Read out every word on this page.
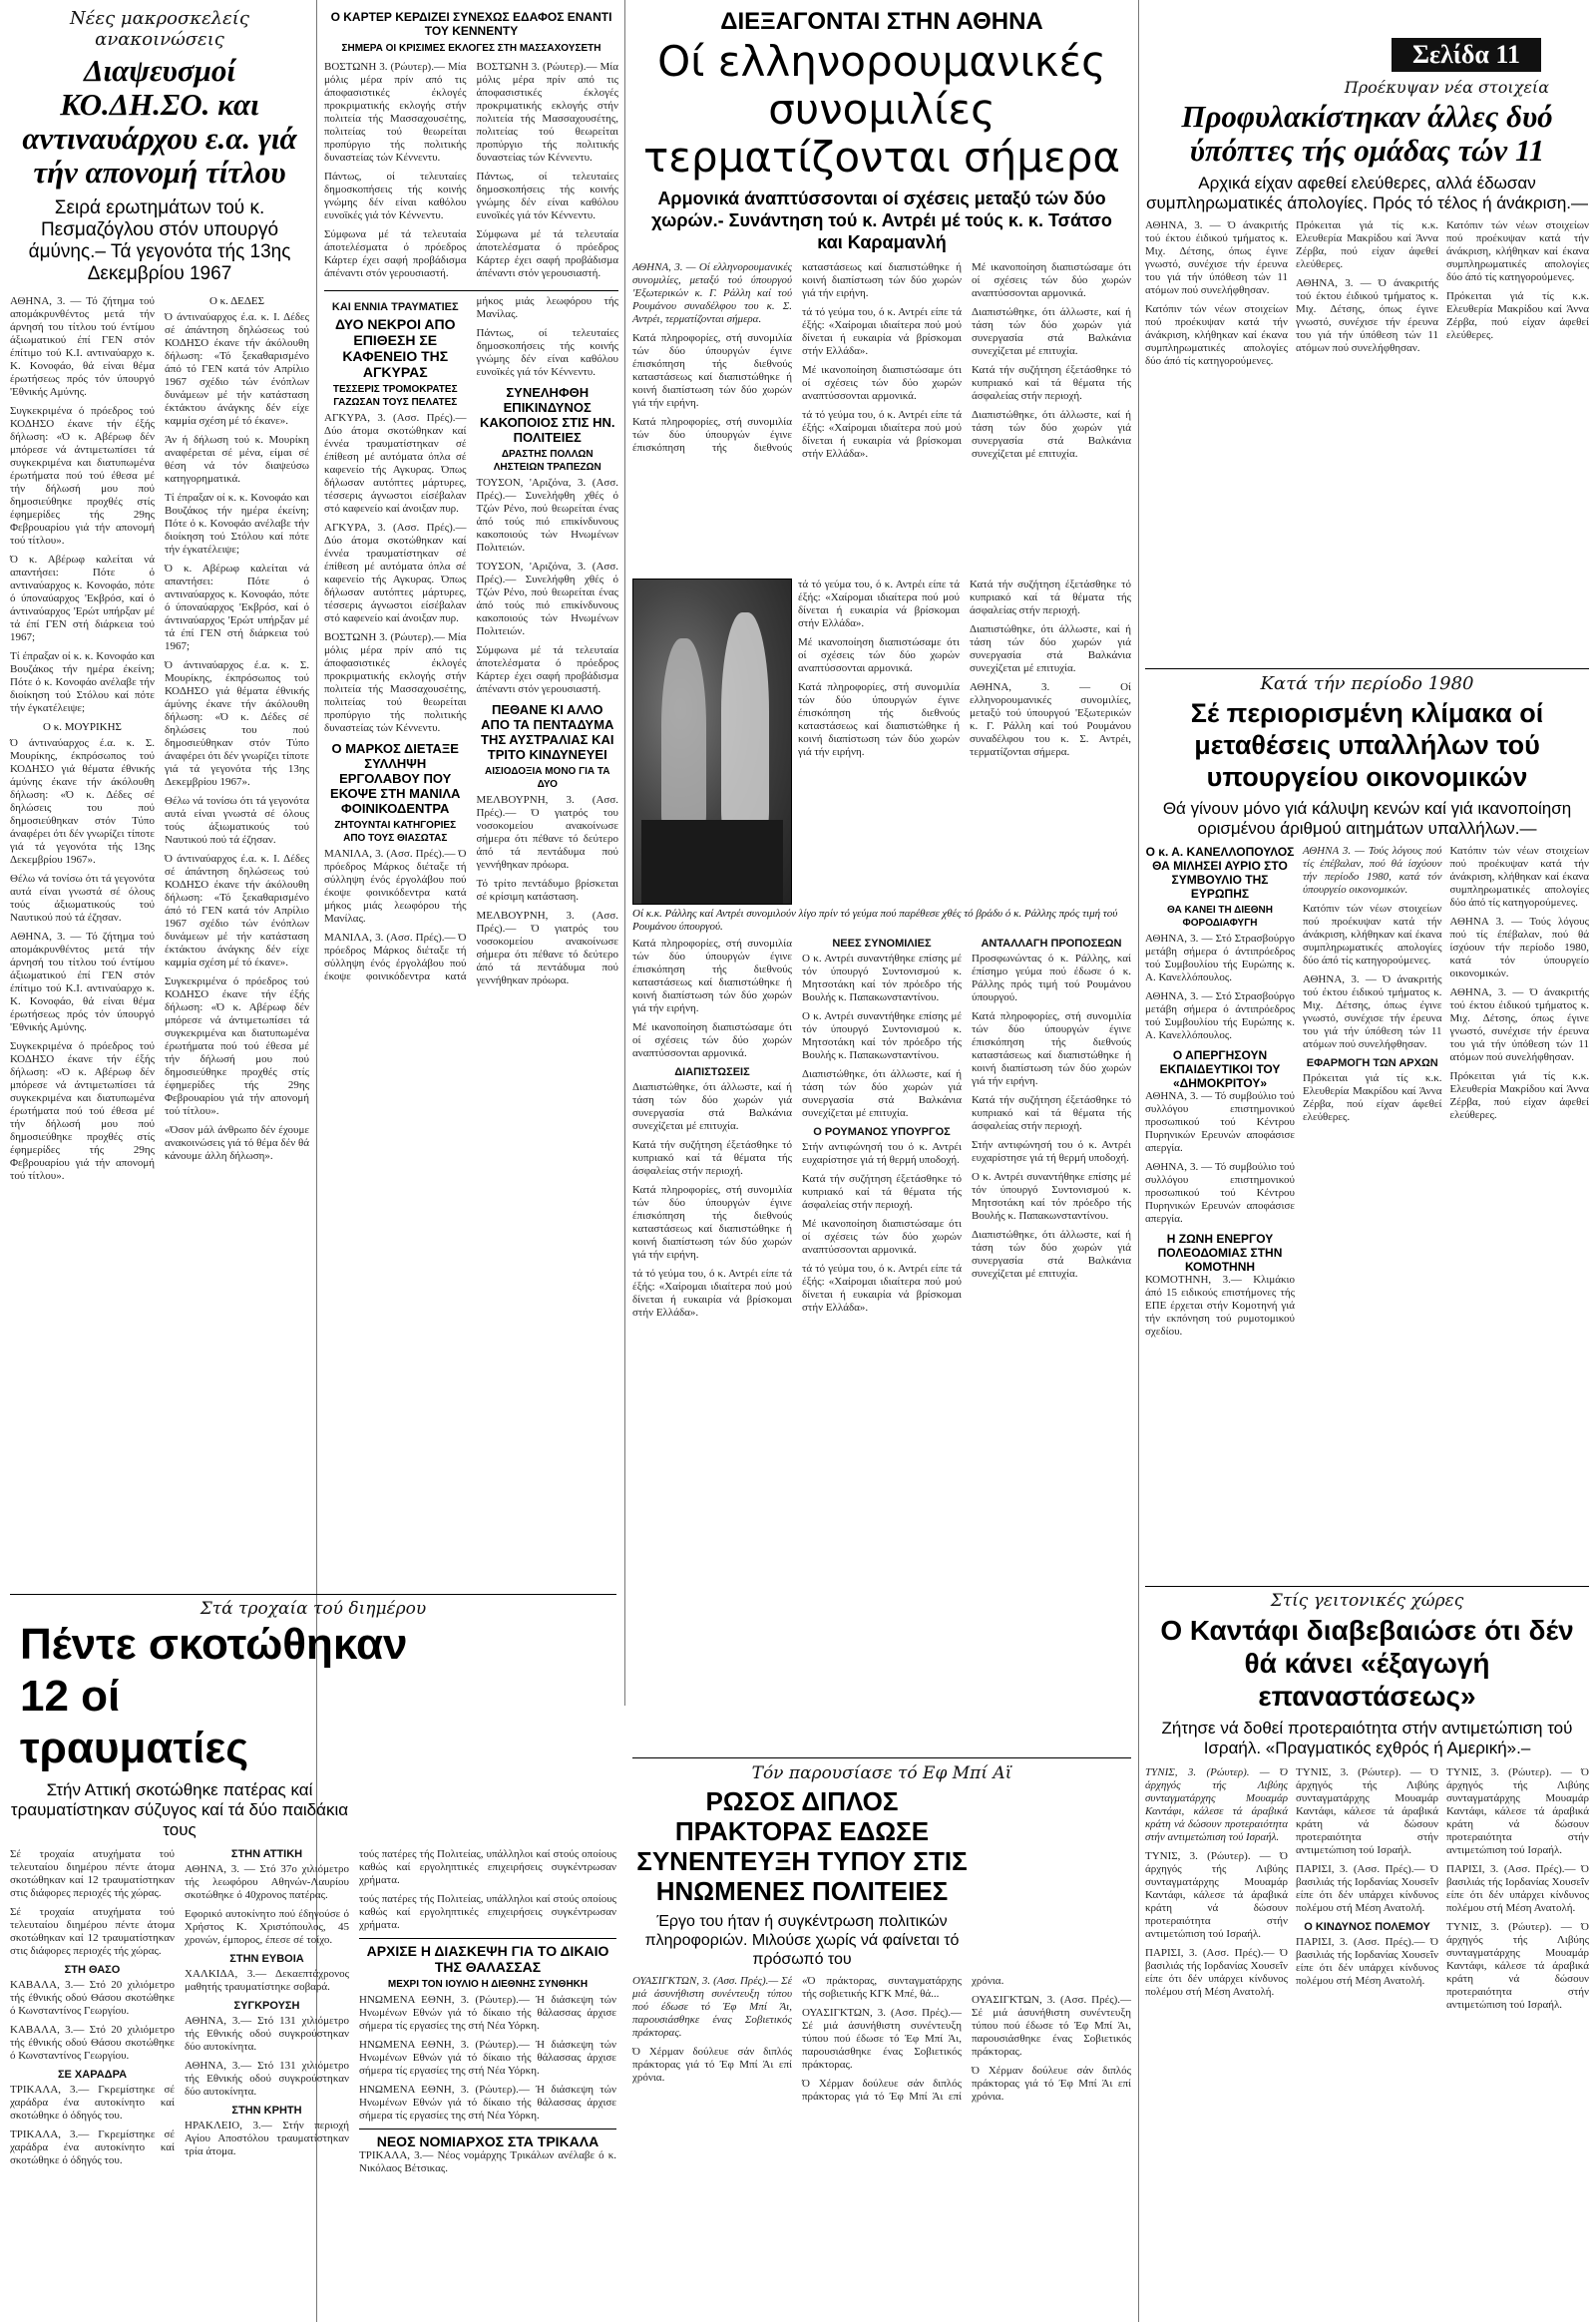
Νέες μακροσκελείς ανακοινώσεις
Διαψευσμοί ΚΟ.ΔΗ.ΣΟ. και αντιναυάρχου ε.α. γιά τήν απονομή τίτλου
Σειρά ερωτημάτων τού κ. Πεσμαζόγλου στόν υπουργό άμύνης.– Τά γεγονότα τής 13ης Δεκεμβρίου 1967

ΑΘΗΝΑ, 3. — Τό ζήτημα τού απομάκρυνθέντος μετά τήν άρνησή του τίτλου τού έντίμου άξιωματικού έπί ΓΕΝ στόν έπίτιμο τού Κ.Ι. αντιναύαρχο κ. Κ. Κονοφάο, θά είναι θέμα έρωτήσεως πρός τόν ύπουργό 'Εθνικής Αμύνης.

Συγκεκριμένα ό πρόεδρος τού ΚΟΔΗΣΟ έκανε τήν έξής δήλωση: «Ό κ. Αβέρωφ δέν μπόρεσε νά άντιμετωπίσει τά συγκεκριμένα και διατυπωμένα έρωτήματα πού τού έθεσα μέ τήν δήλωσή μου πού δημοσιεύθηκε προχθές στίς έφημερίδες τής 29ης Φεβρουαρίου γιά τήν απονομή τού τίτλου».

Ό κ. Αβέρωφ καλείται νά απαντήσει: Πότε ό αντιναύαρχος κ. Κονοφάο, πότε ό ύποναύαρχος 'Εκβρόσ, καί ό άντιναύαρχος 'Ερώτ υπήρξαν μέ τά έπί ΓΕΝ στή διάρκεια τού 1967;

Τί έπραξαν οί κ. κ. Κονοφάο και Βουζάκος τήν ημέρα έκείνη; Πότε ό κ. Κονοφάο ανέλαβε τήν διοίκηση τού Στόλου καί πότε τήν έγκατέλειψε;

Ο κ. ΜΟΥΡΙΚΗΣ

Ό άντιναύαρχος έ.α. κ. Σ. Μουρίκης, έκπρόσωπος τού ΚΟΔΗΣΟ γιά θέματα έθνικής άμύνης έκανε τήν άκόλουθη δήλωση: «Ό κ. Δέδες σέ δηλώσεις του πού δημοσιεύθηκαν στόν Τύπο άναφέρει ότι δέν γνωρίζει τίποτε γιά τά γεγονότα τής 13ης Δεκεμβρίου 1967».

Θέλω νά τονίσω ότι τά γεγονότα αυτά είναι γνωστά σέ όλους τούς άξιωματικούς τού Ναυτικού πού τά έζησαν.

ΑΘΗΝΑ, 3. — Τό ζήτημα τού απομάκρυνθέντος μετά τήν άρνησή του τίτλου τού έντίμου άξιωματικού έπί ΓΕΝ στόν έπίτιμο τού Κ.Ι. αντιναύαρχο κ. Κ. Κονοφάο, θά είναι θέμα έρωτήσεως πρός τόν ύπουργό 'Εθνικής Αμύνης.

Συγκεκριμένα ό πρόεδρος τού ΚΟΔΗΣΟ έκανε τήν έξής δήλωση: «Ό κ. Αβέρωφ δέν μπόρεσε νά άντιμετωπίσει τά συγκεκριμένα και διατυπωμένα έρωτήματα πού τού έθεσα μέ τήν δήλωσή μου πού δημοσιεύθηκε προχθές στίς έφημερίδες τής 29ης Φεβρουαρίου γιά τήν απονομή τού τίτλου».

Ο κ. ΔΕΔΕΣ

Ό άντιναύαρχος έ.α. κ. Ι. Δέδες σέ άπάντηση δηλώσεως τού ΚΟΔΗΣΟ έκανε τήν άκόλουθη δήλωση: «Τό ξεκαθαρισμένο άπό τό ΓΕΝ κατά τόν Απρίλιο 1967 σχέδιο τών ένόπλων δυνάμεων μέ τήν κατάσταση έκτάκτου άνάγκης δέν είχε καμμία σχέση μέ τό έκανε».

Άν ή δήλωση τού κ. Μουρίκη αναφέρεται σέ μένα, είμαι σέ θέση νά τόν διαψεύσω κατηγορηματικά.

Τί έπραξαν οί κ. κ. Κονοφάο και Βουζάκος τήν ημέρα έκείνη; Πότε ό κ. Κονοφάο ανέλαβε τήν διοίκηση τού Στόλου καί πότε τήν έγκατέλειψε;

Ό κ. Αβέρωφ καλείται νά απαντήσει: Πότε ό αντιναύαρχος κ. Κονοφάο, πότε ό ύποναύαρχος 'Εκβρόσ, καί ό άντιναύαρχος 'Ερώτ υπήρξαν μέ τά έπί ΓΕΝ στή διάρκεια τού 1967;

Ό άντιναύαρχος έ.α. κ. Σ. Μουρίκης, έκπρόσωπος τού ΚΟΔΗΣΟ γιά θέματα έθνικής άμύνης έκανε τήν άκόλουθη δήλωση: «Ό κ. Δέδες σέ δηλώσεις του πού δημοσιεύθηκαν στόν Τύπο άναφέρει ότι δέν γνωρίζει τίποτε γιά τά γεγονότα τής 13ης Δεκεμβρίου 1967».

Θέλω νά τονίσω ότι τά γεγονότα αυτά είναι γνωστά σέ όλους τούς άξιωματικούς τού Ναυτικού πού τά έζησαν.

Ό άντιναύαρχος έ.α. κ. Ι. Δέδες σέ άπάντηση δηλώσεως τού ΚΟΔΗΣΟ έκανε τήν άκόλουθη δήλωση: «Τό ξεκαθαρισμένο άπό τό ΓΕΝ κατά τόν Απρίλιο 1967 σχέδιο τών ένόπλων δυνάμεων μέ τήν κατάσταση έκτάκτου άνάγκης δέν είχε καμμία σχέση μέ τό έκανε».

Συγκεκριμένα ό πρόεδρος τού ΚΟΔΗΣΟ έκανε τήν έξής δήλωση: «Ό κ. Αβέρωφ δέν μπόρεσε νά άντιμετωπίσει τά συγκεκριμένα και διατυπωμένα έρωτήματα πού τού έθεσα μέ τήν δήλωσή μου πού δημοσιεύθηκε προχθές στίς έφημερίδες τής 29ης Φεβρουαρίου γιά τήν απονομή τού τίτλου».

«Όσον μάλ άνθρωπο δέν έχουμε ανακοινώσεις γιά τό θέμα δέν θά κάνουμε άλλη δήλωση».

Ο ΚΑΡΤΕΡ ΚΕΡΔΙΖΕΙ ΣΥΝΕΧΩΣ ΕΔΑΦΟΣ ΕΝΑΝΤΙ ΤΟΥ ΚΕΝΝΕΝΤΥ
ΣΗΜΕΡΑ ΟΙ ΚΡΙΣΙΜΕΣ ΕΚΛΟΓΕΣ ΣΤΗ ΜΑΣΣΑΧΟΥΣΕΤΗ

ΒΟΣΤΩΝΗ 3. (Ρώυτερ).— Μία μόλις μέρα πρίν από τις άποφασιστικές έκλογές προκριματικής εκλογής στήν πολιτεία τής Μασσαχουσέτης, πολιτείας τού θεωρείται προπύργιο τής πολιτικής δυναστείας τών Κέννεντυ.

Πάντως, οί τελευταίες δημοσκοπήσεις τής κοινής γνώμης δέν είναι καθόλου ευνοϊκές γιά τόν Κέννεντυ.

Σύμφωνα μέ τά τελευταία άποτελέσματα ό πρόεδρος Κάρτερ έχει σαφή προβάδισμα άπέναντι στόν γερουσιαστή.

ΒΟΣΤΩΝΗ 3. (Ρώυτερ).— Μία μόλις μέρα πρίν από τις άποφασιστικές έκλογές προκριματικής εκλογής στήν πολιτεία τής Μασσαχουσέτης, πολιτείας τού θεωρείται προπύργιο τής πολιτικής δυναστείας τών Κέννεντυ.

Πάντως, οί τελευταίες δημοσκοπήσεις τής κοινής γνώμης δέν είναι καθόλου ευνοϊκές γιά τόν Κέννεντυ.

Σύμφωνα μέ τά τελευταία άποτελέσματα ό πρόεδρος Κάρτερ έχει σαφή προβάδισμα άπέναντι στόν γερουσιαστή.

ΚΑΙ ΕΝΝΙΑ ΤΡΑΥΜΑΤΙΕΣ
ΔΥΟ ΝΕΚΡΟΙ ΑΠΟ ΕΠΙΘΕΣΗ ΣΕ ΚΑΦΕΝΕΙΟ ΤΗΣ ΑΓΚΥΡΑΣ
ΤΕΣΣΕΡΙΣ ΤΡΟΜΟΚΡΑΤΕΣ ΓΑΖΩΣΑΝ ΤΟΥΣ ΠΕΛΑΤΕΣ

ΑΓΚΥΡΑ, 3. (Ασσ. Πρές).— Δύο άτομα σκοτώθηκαν καί έννέα τραυματίστηκαν σέ έπίθεση μέ αυτόματα όπλα σέ καφενείο τής Αγκυρας. Όπως δήλωσαν αυτόπτες μάρτυρες, τέσσερις άγνωστοι είσέβαλαν στό καφενείο καί άνοιξαν πυρ.

ΑΓΚΥΡΑ, 3. (Ασσ. Πρές).— Δύο άτομα σκοτώθηκαν καί έννέα τραυματίστηκαν σέ έπίθεση μέ αυτόματα όπλα σέ καφενείο τής Αγκυρας. Όπως δήλωσαν αυτόπτες μάρτυρες, τέσσερις άγνωστοι είσέβαλαν στό καφενείο καί άνοιξαν πυρ.

ΒΟΣΤΩΝΗ 3. (Ρώυτερ).— Μία μόλις μέρα πρίν από τις άποφασιστικές έκλογές προκριματικής εκλογής στήν πολιτεία τής Μασσαχουσέτης, πολιτείας τού θεωρείται προπύργιο τής πολιτικής δυναστείας τών Κέννεντυ.

Ο ΜΑΡΚΟΣ ΔΙΕΤΑΞΕ ΣΥΛΛΗΨΗ ΕΡΓΟΛΑΒΟΥ ΠΟΥ ΕΚΟΨΕ ΣΤΗ ΜΑΝΙΛΑ ΦΟΙΝΙΚΟΔΕΝΤΡΑ
ΖΗΤΟΥΝΤΑΙ ΚΑΤΗΓΟΡΙΕΣ ΑΠΟ ΤΟΥΣ ΘΙΑΣΩΤΑΣ

ΜΑΝΙΛΑ, 3. (Ασσ. Πρές).— Ό πρόεδρος Μάρκος διέταξε τή σύλληψη ένός έργολάβου πού έκοψε φοινικόδεντρα κατά μήκος μιάς λεωφόρου τής Μανίλας.

ΜΑΝΙΛΑ, 3. (Ασσ. Πρές).— Ό πρόεδρος Μάρκος διέταξε τή σύλληψη ένός έργολάβου πού έκοψε φοινικόδεντρα κατά μήκος μιάς λεωφόρου τής Μανίλας.

Πάντως, οί τελευταίες δημοσκοπήσεις τής κοινής γνώμης δέν είναι καθόλου ευνοϊκές γιά τόν Κέννεντυ.

ΣΥΝΕΛΗΦΘΗ ΕΠΙΚΙΝΔΥΝΟΣ ΚΑΚΟΠΟΙΟΣ ΣΤΙΣ ΗΝ. ΠΟΛΙΤΕΙΕΣ
ΔΡΑΣΤΗΣ ΠΟΛΛΩΝ ΛΗΣΤΕΙΩΝ ΤΡΑΠΕΖΩΝ

ΤΟΥΣΟΝ, 'Αριζόνα, 3. (Ασσ. Πρές).— Συνελήφθη χθές ό Τζών Ρένο, πού θεωρείται ένας άπό τούς πιό επικίνδυνους κακοποιούς τών Ηνωμένων Πολιτειών.

ΤΟΥΣΟΝ, 'Αριζόνα, 3. (Ασσ. Πρές).— Συνελήφθη χθές ό Τζών Ρένο, πού θεωρείται ένας άπό τούς πιό επικίνδυνους κακοποιούς τών Ηνωμένων Πολιτειών.

Σύμφωνα μέ τά τελευταία άποτελέσματα ό πρόεδρος Κάρτερ έχει σαφή προβάδισμα άπέναντι στόν γερουσιαστή.

ΠΕΘΑΝΕ ΚΙ ΑΛΛΟ ΑΠΟ ΤΑ ΠΕΝΤΑΔΥΜΑ ΤΗΣ ΑΥΣΤΡΑΛΙΑΣ ΚΑΙ ΤΡΙΤΟ ΚΙΝΔΥΝΕΥΕΙ
ΑΙΣΙΟΔΟΞΙΑ ΜΟΝΟ ΓΙΑ ΤΑ ΔΥΟ

ΜΕΛΒΟΥΡΝΗ, 3. (Ασσ. Πρές).— Ό γιατρός του νοσοκομείου ανακοίνωσε σήμερα ότι πέθανε τό δεύτερο άπό τά πεντάδυμα πού γεννήθηκαν πρόωρα.

Τό τρίτο πεντάδυμο βρίσκεται σέ κρίσιμη κατάσταση.

ΜΕΛΒΟΥΡΝΗ, 3. (Ασσ. Πρές).— Ό γιατρός του νοσοκομείου ανακοίνωσε σήμερα ότι πέθανε τό δεύτερο άπό τά πεντάδυμα πού γεννήθηκαν πρόωρα.

ΔΙΕΞΑΓΟΝΤΑΙ ΣΤΗΝ ΑΘΗΝΑ
Οί ελληνορουμανικές συνομιλίες τερματίζονται σήμερα
Αρμονικά άναπτύσσονται οί σχέσεις μεταξύ τών δύο χωρών.- Συνάντηση τού κ. Αντρέι μέ τούς κ. κ. Τσάτσο και Καραμανλή

ΑΘΗΝΑ, 3. — Οί ελληνορουμανικές συνομιλίες, μεταξύ τού ύπουργού 'Εξωτερικών κ. Γ. Ράλλη καί τού Ρουμάνου συναδέλφου του κ. Σ. Αντρέι, τερματίζονται σήμερα.

Κατά πληροφορίες, στή συνομιλία τών δύο ύπουργών έγινε έπισκόπηση τής διεθνούς καταστάσεως καί διαπιστώθηκε ή κοινή διαπίστωση τών δύο χωρών γιά τήν ειρήνη.

Κατά πληροφορίες, στή συνομιλία τών δύο ύπουργών έγινε έπισκόπηση τής διεθνούς καταστάσεως καί διαπιστώθηκε ή κοινή διαπίστωση τών δύο χωρών γιά τήν ειρήνη.

τά τό γεύμα του, ό κ. Αντρέι είπε τά έξής: «Χαίρομαι ιδιαίτερα πού μού δίνεται ή ευκαιρία νά βρίσκομαι στήν Ελλάδα».

Μέ ικανοποίηση διαπιστώσαμε ότι οί σχέσεις τών δύο χωρών αναπτύσσονται αρμονικά.

τά τό γεύμα του, ό κ. Αντρέι είπε τά έξής: «Χαίρομαι ιδιαίτερα πού μού δίνεται ή ευκαιρία νά βρίσκομαι στήν Ελλάδα».

Μέ ικανοποίηση διαπιστώσαμε ότι οί σχέσεις τών δύο χωρών αναπτύσσονται αρμονικά.

Διαπιστώθηκε, ότι άλλωστε, καί ή τάση τών δύο χωρών γιά συνεργασία στά Βαλκάνια συνεχίζεται μέ επιτυχία.

Κατά τήν συζήτηση έξετάσθηκε τό κυπριακό καί τά θέματα τής άσφαλείας στήν περιοχή.

Διαπιστώθηκε, ότι άλλωστε, καί ή τάση τών δύο χωρών γιά συνεργασία στά Βαλκάνια συνεχίζεται μέ επιτυχία.

τά τό γεύμα του, ό κ. Αντρέι είπε τά έξής: «Χαίρομαι ιδιαίτερα πού μού δίνεται ή ευκαιρία νά βρίσκομαι στήν Ελλάδα».

Μέ ικανοποίηση διαπιστώσαμε ότι οί σχέσεις τών δύο χωρών αναπτύσσονται αρμονικά.

Κατά πληροφορίες, στή συνομιλία τών δύο ύπουργών έγινε έπισκόπηση τής διεθνούς καταστάσεως καί διαπιστώθηκε ή κοινή διαπίστωση τών δύο χωρών γιά τήν ειρήνη.

Κατά τήν συζήτηση έξετάσθηκε τό κυπριακό καί τά θέματα τής άσφαλείας στήν περιοχή.

Διαπιστώθηκε, ότι άλλωστε, καί ή τάση τών δύο χωρών γιά συνεργασία στά Βαλκάνια συνεχίζεται μέ επιτυχία.

ΑΘΗΝΑ, 3. — Οί ελληνορουμανικές συνομιλίες, μεταξύ τού ύπουργού 'Εξωτερικών κ. Γ. Ράλλη καί τού Ρουμάνου συναδέλφου του κ. Σ. Αντρέι, τερματίζονται σήμερα.

Οί κ.κ. Ράλλης καί Αντρέι συνομιλούν λίγο πρίν τό γεύμα πού παρέθεσε χθές τό βράδυ ό κ. Ράλλης πρός τιμή τού Ρουμάνου ύπουργού.

Κατά πληροφορίες, στή συνομιλία τών δύο ύπουργών έγινε έπισκόπηση τής διεθνούς καταστάσεως καί διαπιστώθηκε ή κοινή διαπίστωση τών δύο χωρών γιά τήν ειρήνη.

Μέ ικανοποίηση διαπιστώσαμε ότι οί σχέσεις τών δύο χωρών αναπτύσσονται αρμονικά.

ΔΙΑΠΙΣΤΩΣΕΙΣ

Διαπιστώθηκε, ότι άλλωστε, καί ή τάση τών δύο χωρών γιά συνεργασία στά Βαλκάνια συνεχίζεται μέ επιτυχία.

Κατά τήν συζήτηση έξετάσθηκε τό κυπριακό καί τά θέματα τής άσφαλείας στήν περιοχή.

Κατά πληροφορίες, στή συνομιλία τών δύο ύπουργών έγινε έπισκόπηση τής διεθνούς καταστάσεως καί διαπιστώθηκε ή κοινή διαπίστωση τών δύο χωρών γιά τήν ειρήνη.

τά τό γεύμα του, ό κ. Αντρέι είπε τά έξής: «Χαίρομαι ιδιαίτερα πού μού δίνεται ή ευκαιρία νά βρίσκομαι στήν Ελλάδα».

ΝΕΕΣ ΣΥΝΟΜΙΛΙΕΣ

Ο κ. Αντρέι συναντήθηκε επίσης μέ τόν ύπουργό Συντονισμού κ. Μητσοτάκη καί τόν πρόεδρο τής Βουλής κ. Παπακωνσταντίνου.

Ο κ. Αντρέι συναντήθηκε επίσης μέ τόν ύπουργό Συντονισμού κ. Μητσοτάκη καί τόν πρόεδρο τής Βουλής κ. Παπακωνσταντίνου.

Διαπιστώθηκε, ότι άλλωστε, καί ή τάση τών δύο χωρών γιά συνεργασία στά Βαλκάνια συνεχίζεται μέ επιτυχία.

Ο ΡΟΥΜΑΝΟΣ ΥΠΟΥΡΓΟΣ

Στήν αντιφώνησή του ό κ. Αντρέι ευχαρίστησε γιά τή θερμή υποδοχή.

Κατά τήν συζήτηση έξετάσθηκε τό κυπριακό καί τά θέματα τής άσφαλείας στήν περιοχή.

Μέ ικανοποίηση διαπιστώσαμε ότι οί σχέσεις τών δύο χωρών αναπτύσσονται αρμονικά.

τά τό γεύμα του, ό κ. Αντρέι είπε τά έξής: «Χαίρομαι ιδιαίτερα πού μού δίνεται ή ευκαιρία νά βρίσκομαι στήν Ελλάδα».

ΑΝΤΑΛΛΑΓΗ ΠΡΟΠΟΣΕΩΝ

Προσφωνώντας ό κ. Ράλλης, καί έπίσημο γεύμα πού έδωσε ό κ. Ράλλης πρός τιμή τού Ρουμάνου ύπουργού.

Κατά πληροφορίες, στή συνομιλία τών δύο ύπουργών έγινε έπισκόπηση τής διεθνούς καταστάσεως καί διαπιστώθηκε ή κοινή διαπίστωση τών δύο χωρών γιά τήν ειρήνη.

Κατά τήν συζήτηση έξετάσθηκε τό κυπριακό καί τά θέματα τής άσφαλείας στήν περιοχή.

Στήν αντιφώνησή του ό κ. Αντρέι ευχαρίστησε γιά τή θερμή υποδοχή.

Ο κ. Αντρέι συναντήθηκε επίσης μέ τόν ύπουργό Συντονισμού κ. Μητσοτάκη καί τόν πρόεδρο τής Βουλής κ. Παπακωνσταντίνου.

Διαπιστώθηκε, ότι άλλωστε, καί ή τάση τών δύο χωρών γιά συνεργασία στά Βαλκάνια συνεχίζεται μέ επιτυχία.

Σελίδα 11
Προέκυψαν νέα στοιχεία
Προφυλακίστηκαν άλλες δυό ύπόπτες τής ομάδας τών 11
Αρχικά είχαν αφεθεί ελεύθερες, αλλά έδωσαν συμπληρωματικές άπολογίες. Πρός τό τέλος ή άνάκριση.—

ΑΘΗΝΑ, 3. — Ό άνακριτής τού έκτου έιδικού τμήματος κ. Μιχ. Δέτσης, όπως έγινε γνωστό, συνέχισε τήν έρευνα του γιά τήν ύπόθεση τών 11 ατόμων πού συνελήφθησαν.

Κατόπιν τών νέων στοιχείων πού προέκυψαν κατά τήν άνάκριση, κλήθηκαν καί έκανα συμπληρωματικές απολογίες δύο άπό τίς κατηγορούμενες.

Πρόκειται γιά τίς κ.κ. Ελευθερία Μακρίδου καί Άννα Ζέρβα, πού είχαν άφεθεί ελεύθερες.

ΑΘΗΝΑ, 3. — Ό άνακριτής τού έκτου έιδικού τμήματος κ. Μιχ. Δέτσης, όπως έγινε γνωστό, συνέχισε τήν έρευνα του γιά τήν ύπόθεση τών 11 ατόμων πού συνελήφθησαν.

Κατόπιν τών νέων στοιχείων πού προέκυψαν κατά τήν άνάκριση, κλήθηκαν καί έκανα συμπληρωματικές απολογίες δύο άπό τίς κατηγορούμενες.

Πρόκειται γιά τίς κ.κ. Ελευθερία Μακρίδου καί Άννα Ζέρβα, πού είχαν άφεθεί ελεύθερες.

Κατά τήν περίοδο 1980
Σέ περιορισμένη κλίμακα οί μεταθέσεις υπαλλήλων τού υπουργείου οικονομικών
Θά γίνουν μόνο γιά κάλυψη κενών καί γιά ικανοποίηση ορισμένου άριθμού αιτημάτων υπαλλήλων.—
Ο κ. Α. ΚΑΝΕΛΛΟΠΟΥΛΟΣ ΘΑ ΜΙΛΗΣΕΙ ΑΥΡΙΟ ΣΤΟ ΣΥΜΒΟΥΛΙΟ ΤΗΣ ΕΥΡΩΠΗΣ
ΘΑ ΚΑΝΕΙ ΤΗ ΔΙΕΘΝΗ ΦΟΡΟΔΙΑΦΥΓΗ

ΑΘΗΝΑ, 3. — Στό Στρασβούργο μετάβη σήμερα ό άντιπρόεδρος τού Συμβουλίου τής Ευρώπης κ. Α. Κανελλόπουλος.

ΑΘΗΝΑ, 3. — Στό Στρασβούργο μετάβη σήμερα ό άντιπρόεδρος τού Συμβουλίου τής Ευρώπης κ. Α. Κανελλόπουλος.

Ο ΑΠΕΡΓΗΣΟΥΝ ΕΚΠΑΙΔΕΥΤΙΚΟΙ ΤΟΥ «ΔΗΜΟΚΡΙΤΟΥ»

ΑΘΗΝΑ, 3. — Τό συμβούλιο τού συλλόγου επιστημονικού προσωπικού τού Κέντρου Πυρηνικών Ερευνών αποφάσισε απεργία.

ΑΘΗΝΑ, 3. — Τό συμβούλιο τού συλλόγου επιστημονικού προσωπικού τού Κέντρου Πυρηνικών Ερευνών αποφάσισε απεργία.

Η ΖΩΝΗ ΕΝΕΡΓΟΥ ΠΟΛΕΟΔΟΜΙΑΣ ΣΤΗΝ ΚΟΜΟΤΗΝΗ

ΚΟΜΟΤΗΝΗ, 3.— Κλιμάκιο άπό 15 ειδικούς επιστήμονες τής ΕΠΕ έρχεται στήν Κομοτηνή γιά τήν εκπόνηση τού ρυμοτομικού σχεδίου.

ΑΘΗΝΑ 3. — Τούς λόγους πού τίς έπέβαλαν, πού θά ίσχύουν τήν περίοδο 1980, κατά τόν ύπουργείο οικονομικών.

Κατόπιν τών νέων στοιχείων πού προέκυψαν κατά τήν άνάκριση, κλήθηκαν καί έκανα συμπληρωματικές απολογίες δύο άπό τίς κατηγορούμενες.

ΑΘΗΝΑ, 3. — Ό άνακριτής τού έκτου έιδικού τμήματος κ. Μιχ. Δέτσης, όπως έγινε γνωστό, συνέχισε τήν έρευνα του γιά τήν ύπόθεση τών 11 ατόμων πού συνελήφθησαν.

ΕΦΑΡΜΟΓΗ ΤΩΝ ΑΡΧΩΝ

Πρόκειται γιά τίς κ.κ. Ελευθερία Μακρίδου καί Άννα Ζέρβα, πού είχαν άφεθεί ελεύθερες.

Κατόπιν τών νέων στοιχείων πού προέκυψαν κατά τήν άνάκριση, κλήθηκαν καί έκανα συμπληρωματικές απολογίες δύο άπό τίς κατηγορούμενες.

ΑΘΗΝΑ 3. — Τούς λόγους πού τίς έπέβαλαν, πού θά ίσχύουν τήν περίοδο 1980, κατά τόν ύπουργείο οικονομικών.

ΑΘΗΝΑ, 3. — Ό άνακριτής τού έκτου έιδικού τμήματος κ. Μιχ. Δέτσης, όπως έγινε γνωστό, συνέχισε τήν έρευνα του γιά τήν ύπόθεση τών 11 ατόμων πού συνελήφθησαν.

Πρόκειται γιά τίς κ.κ. Ελευθερία Μακρίδου καί Άννα Ζέρβα, πού είχαν άφεθεί ελεύθερες.

Στίς γειτονικές χώρες
Ο Καντάφι διαβεβαιώσε ότι δέν θά κάνει «έξαγωγή επαναστάσεως»
Ζήτησε νά δοθεί προτεραιότητα στήν αντιμετώπιση τού Ισραήλ. «Πραγματικός εχθρός ή Αμερική».–

ΤΥΝΙΣ, 3. (Ρώυτερ). — Ό άρχηγός τής Λιβύης συνταγματάρχης Μουαμάρ Καντάφι, κάλεσε τά άραβικά κράτη νά δώσουν προτεραιότητα στήν αντιμετώπιση τού Ισραήλ.

ΤΥΝΙΣ, 3. (Ρώυτερ). — Ό άρχηγός τής Λιβύης συνταγματάρχης Μουαμάρ Καντάφι, κάλεσε τά άραβικά κράτη νά δώσουν προτεραιότητα στήν αντιμετώπιση τού Ισραήλ.

ΠΑΡΙΣΙ, 3. (Ασσ. Πρές).— Ό βασιλιάς τής Ιορδανίας Χουσεΐν είπε ότι δέν υπάρχει κίνδυνος πολέμου στή Μέση Ανατολή.

ΤΥΝΙΣ, 3. (Ρώυτερ). — Ό άρχηγός τής Λιβύης συνταγματάρχης Μουαμάρ Καντάφι, κάλεσε τά άραβικά κράτη νά δώσουν προτεραιότητα στήν αντιμετώπιση τού Ισραήλ.

ΠΑΡΙΣΙ, 3. (Ασσ. Πρές).— Ό βασιλιάς τής Ιορδανίας Χουσεΐν είπε ότι δέν υπάρχει κίνδυνος πολέμου στή Μέση Ανατολή.

Ο ΚΙΝΔΥΝΟΣ ΠΟΛΕΜΟΥ

ΠΑΡΙΣΙ, 3. (Ασσ. Πρές).— Ό βασιλιάς τής Ιορδανίας Χουσεΐν είπε ότι δέν υπάρχει κίνδυνος πολέμου στή Μέση Ανατολή.

ΤΥΝΙΣ, 3. (Ρώυτερ). — Ό άρχηγός τής Λιβύης συνταγματάρχης Μουαμάρ Καντάφι, κάλεσε τά άραβικά κράτη νά δώσουν προτεραιότητα στήν αντιμετώπιση τού Ισραήλ.

ΠΑΡΙΣΙ, 3. (Ασσ. Πρές).— Ό βασιλιάς τής Ιορδανίας Χουσεΐν είπε ότι δέν υπάρχει κίνδυνος πολέμου στή Μέση Ανατολή.

ΤΥΝΙΣ, 3. (Ρώυτερ). — Ό άρχηγός τής Λιβύης συνταγματάρχης Μουαμάρ Καντάφι, κάλεσε τά άραβικά κράτη νά δώσουν προτεραιότητα στήν αντιμετώπιση τού Ισραήλ.

Στά τροχαία τού διημέρου
Πέντε σκοτώθηκαν
12 οί τραυματίες
Στήν Αττική σκοτώθηκε πατέρας καί τραυματίστηκαν σύζυγος καί τά δύο παιδάκια τους

Σέ τροχαία ατυχήματα τού τελευταίου διημέρου πέντε άτομα σκοτώθηκαν καί 12 τραυματίστηκαν στις διάφορες περιοχές τής χώρας.

Σέ τροχαία ατυχήματα τού τελευταίου διημέρου πέντε άτομα σκοτώθηκαν καί 12 τραυματίστηκαν στις διάφορες περιοχές τής χώρας.

ΣΤΗ ΘΑΣΟ

ΚΑΒΑΛΑ, 3.— Στό 20 χιλιόμετρο τής έθνικής οδού Θάσου σκοτώθηκε ό Κωνσταντίνος Γεωργίου.

ΚΑΒΑΛΑ, 3.— Στό 20 χιλιόμετρο τής έθνικής οδού Θάσου σκοτώθηκε ό Κωνσταντίνος Γεωργίου.

ΣΕ ΧΑΡΑΔΡΑ

ΤΡΙΚΑΛΑ, 3.— Γκρεμίστηκε σέ χαράδρα ένα αυτοκίνητο καί σκοτώθηκε ό όδηγός του.

ΤΡΙΚΑΛΑ, 3.— Γκρεμίστηκε σέ χαράδρα ένα αυτοκίνητο καί σκοτώθηκε ό όδηγός του.

ΣΤΗΝ ΑΤΤΙΚΗ

ΑΘΗΝΑ, 3. — Στό 37ο χιλιόμετρο τής λεωφόρου Αθηνών-Λαυρίου σκοτώθηκε ό 40χρονος πατέρας.

Εφορικό αυτοκίνητο πού έδηγούσε ό Χρήστος Κ. Χριστόπουλος, 45 χρονών, έμπορος, έπεσε σέ τοίχο.

ΣΤΗΝ ΕΥΒΟΙΑ

ΧΑΛΚΙΔΑ, 3.— Δεκαεπτάχρονος μαθητής τραυματίστηκε σοβαρά.

ΣΥΓΚΡΟΥΣΗ

ΑΘΗΝΑ, 3.— Στό 131 χιλιόμετρο τής Εθνικής οδού συγκρούστηκαν δύο αυτοκίνητα.

ΑΘΗΝΑ, 3.— Στό 131 χιλιόμετρο τής Εθνικής οδού συγκρούστηκαν δύο αυτοκίνητα.

ΣΤΗΝ ΚΡΗΤΗ

ΗΡΑΚΛΕΙΟ, 3.— Στήν περιοχή Αγίου Αποστόλου τραυματίστηκαν τρία άτομα.

τούς πατέρες τής Πολιτείας, υπάλληλοι καί στούς οποίους καθώς καί εργοληπτικές επιχειρήσεις συγκέντρωσαν χρήματα.

τούς πατέρες τής Πολιτείας, υπάλληλοι καί στούς οποίους καθώς καί εργοληπτικές επιχειρήσεις συγκέντρωσαν χρήματα.

ΑΡΧΙΣΕ Η ΔΙΑΣΚΕΨΗ ΓΙΑ ΤΟ ΔΙΚΑΙΟ ΤΗΣ ΘΑΛΑΣΣΑΣ
ΜΕΧΡΙ ΤΟΝ ΙΟΥΛΙΟ Η ΔΙΕΘΝΗΣ ΣΥΝΘΗΚΗ

ΗΝΩΜΕΝΑ ΕΘΝΗ, 3. (Ρώυτερ).— Ή διάσκεψη τών Ηνωμένων Εθνών γιά τό δίκαιο τής θάλασσας άρχισε σήμερα τίς εργασίες της στή Νέα Υόρκη.

ΗΝΩΜΕΝΑ ΕΘΝΗ, 3. (Ρώυτερ).— Ή διάσκεψη τών Ηνωμένων Εθνών γιά τό δίκαιο τής θάλασσας άρχισε σήμερα τίς εργασίες της στή Νέα Υόρκη.

ΗΝΩΜΕΝΑ ΕΘΝΗ, 3. (Ρώυτερ).— Ή διάσκεψη τών Ηνωμένων Εθνών γιά τό δίκαιο τής θάλασσας άρχισε σήμερα τίς εργασίες της στή Νέα Υόρκη.

ΝΕΟΣ ΝΟΜΙΑΡΧΟΣ ΣΤΑ ΤΡΙΚΑΛΑ

ΤΡΙΚΑΛΑ, 3.— Νέος νομάρχης Τρικάλων ανέλαβε ό κ. Νικόλαος Βέτσικας.

Τόν παρουσίασε τό Εφ Μπί Αϊ
ΡΩΣΟΣ ΔΙΠΛΟΣ ΠΡΑΚΤΟΡΑΣ ΕΔΩΣΕ ΣΥΝΕΝΤΕΥΞΗ ΤΥΠΟΥ ΣΤΙΣ ΗΝΩΜΕΝΕΣ ΠΟΛΙΤΕΙΕΣ
Έργο του ήταν ή συγκέντρωση πολιτικών πληροφοριών. Μιλούσε χωρίς νά φαίνεται τό πρόσωπό του

ΟΥΑΣΙΓΚΤΩΝ, 3. (Ασσ. Πρές).— Σέ μιά άσυνήθιστη συνέντευξη τύπου πού έδωσε τό Έφ Μπί Άι, παρουσιάσθηκε ένας Σοβιετικός πράκτορας.

Ό Χέρμαν δούλευε σάν διπλός πράκτορας γιά τό Έφ Μπί Άι επί χρόνια.

«Ό πράκτορας, συνταγματάρχης τής σοβιετικής ΚΓΚ Μπέ, θά...

ΟΥΑΣΙΓΚΤΩΝ, 3. (Ασσ. Πρές).— Σέ μιά άσυνήθιστη συνέντευξη τύπου πού έδωσε τό Έφ Μπί Άι, παρουσιάσθηκε ένας Σοβιετικός πράκτορας.

Ό Χέρμαν δούλευε σάν διπλός πράκτορας γιά τό Έφ Μπί Άι επί χρόνια.

ΟΥΑΣΙΓΚΤΩΝ, 3. (Ασσ. Πρές).— Σέ μιά άσυνήθιστη συνέντευξη τύπου πού έδωσε τό Έφ Μπί Άι, παρουσιάσθηκε ένας Σοβιετικός πράκτορας.

Ό Χέρμαν δούλευε σάν διπλός πράκτορας γιά τό Έφ Μπί Άι επί χρόνια.
